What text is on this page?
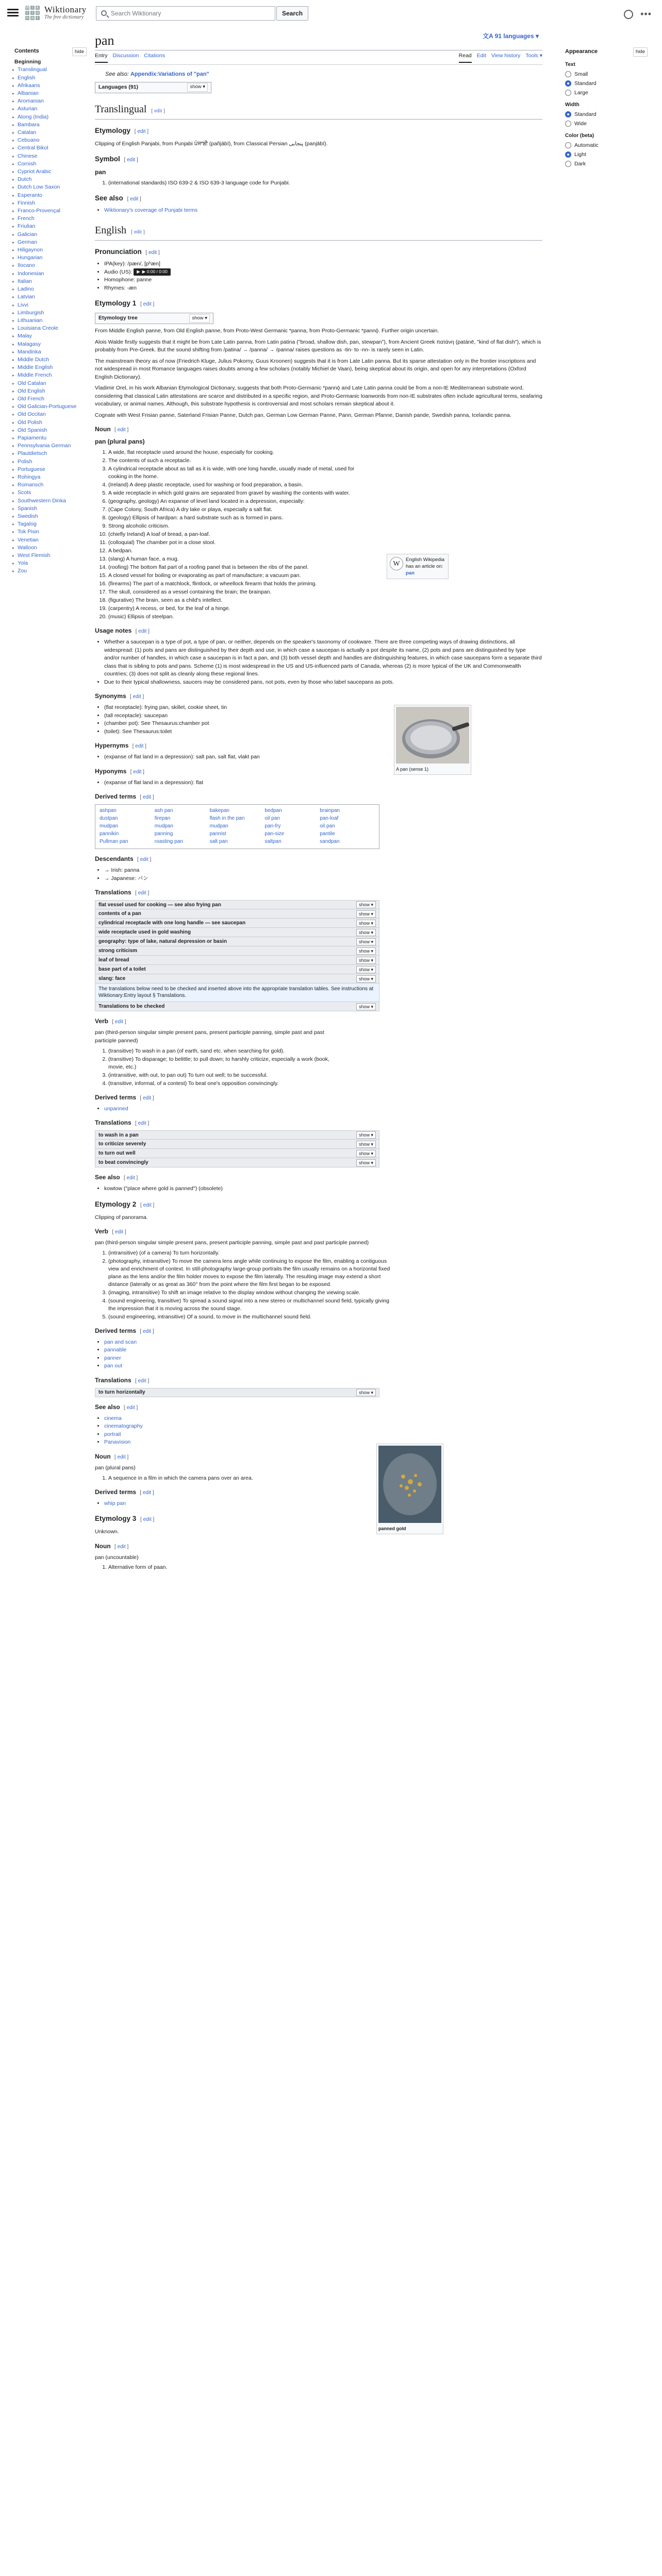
W i k
t	i o
n a r
Wiktionary
The free dictionary
Search Wiktionary	Search	•••
Contents	hide
Beginning
▸ Translingual
▸ English
▸ Afrikaans
▸ Albanian
▸ Aromanian
▸ Asturian
▸ Atong (India)
▸ Bambara
▸ Catalan
▸ Cebuano
▸ Central Bikol
▸ Chinese
▸ Cornish
▸ Cypriot Arabic
▸ Dutch
▸ Dutch Low Saxon
▸ Esperanto
▸ Finnish
▸ Franco-Provençal
▸ French
▸ Friulian
▸ Galician
▸ German
▸ Hiligaynon
▸ Hungarian
▸ Ilocano
▸ Indonesian
▸ Italian
▸ Ladino
▸ Latvian
▸ Livvi
▸ Limburgish
▸ Lithuanian
▸ Louisiana Creole
▸ Malay
▸ Malagasy
▸ Mandinka
▸ Middle Dutch
▸ Middle English
▸ Middle French
▸ Old Catalan
▸ Old English
▸ Old French
▸ Old Galician-Portuguese
▸ Old Occitan
▸ Old Polish
▸ Old Spanish
▸ Papiamentu
▸ Pennsylvania German
▸ Plautdietsch
▸ Polish
▸ Portuguese
▸ Rohingya
▸ Romansch
▸ Scots
▸ Southwestern Dinka
▸ Spanish
▸ Swedish
▸ Tagalog
▸ Tok Pisin
▸ Venetian
▸ Walloon
▸ West Flemish
▸ Yola
▸ Zou
pan	文A 91 languages ▾
Entry Discussion Citations	Read Edit View history Tools ▾
See also: Appendix:Variations of "pan"
Languages (91)	show ▾
Translingual [ edit ]
Etymology [ edit ]

Clipping of English Panjabi, from Punjabi ਪੰਜਾਬੀ (pañjābī), from Classical Persian پنجابی (panjābī).

Symbol [ edit ]
pan
1. (international standards) ISO 639-2 & ISO 639-3 language code for Punjabi.
See also [ edit ]
• Wiktionary's coverage of Punjabi terms
English [ edit ]
Pronunciation [ edit ]
• IPA(key): /pæn/, [pʰæn]
• Audio (US): ▶ ▶ 0:00 / 0:00
• Homophone: panne
• Rhymes: -æn
Etymology 1 [ edit ]
Etymology tree	show ▾

From Middle English panne, from Old English panne, from Proto-West Germanic *panna, from Proto-Germanic *pannǭ. Further origin uncertain.

Alois Walde firstly suggests that it might be from Late Latin panna, from Latin patina ("broad, shallow dish, pan, stewpan"), from Ancient Greek πατάνη (patánē, "kind of flat dish"), which is probably from Pre-Greek. But the sound shifting from /patina/ → /panna/ → /panna/ raises questions as -tin- to -nn- is rarely seen in Latin.

The mainstream theory as of now (Friedrich Kluge, Julius Pokorny, Guus Kroonen) suggests that it is from Late Latin panna. But its sparse attestation only in the frontier inscriptions and not widespread in most Romance languages raises doubts among a few scholars (notably Michiel de Vaan), being skeptical about its origin, and open for any interpretations (Oxford English Dictionary).

Vladimir Orel, in his work Albanian Etymological Dictionary, suggests that both Proto-Germanic *pannǭ and Late Latin panna could be from a non-IE Mediterranean substrate word, considering that classical Latin attestations are scarce and distributed in a specific region, and Proto-Germanic loanwords from non-IE substrates often include agricultural terms, seafaring vocabulary, or animal names. Although, this substrate hypothesis is controversial and most scholars remain skeptical about it.

Cognate with West Frisian panne, Saterland Frisian Panne, Dutch pan, German Low German Panne, Pann, German Pfanne, Danish pande, Swedish panna, Icelandic panna.

Noun [ edit ]
pan (plural pans)
1. A wide, flat receptacle used around the house, especially for cooking.
2. The contents of such a receptacle.
3. A cylindrical receptacle about as tall as it is wide, with one long handle, usually made of metal, used for cooking in the home.
4. (Ireland) A deep plastic receptacle, used for washing or food preparation, a basin.
5. A wide receptacle in which gold grains are separated from gravel by washing the contents with water.
6. (geography, geology) An expanse of level land located in a depression, especially:
7. (Cape Colony, South Africa) A dry lake or playa, especially a salt flat.
8. (geology) Ellipsis of hardpan: a hard substrate such as is formed in pans.
9. Strong alcoholic criticism.
10. (chiefly Ireland) A loaf of bread, a pan-loaf.
11. (colloquial) The chamber pot in a close stool.
12. A bedpan.
13. (slang) A human face, a mug.
14. (roofing) The bottom flat part of a roofing panel that is between the ribs of the panel.
15. A closed vessel for boiling or evaporating as part of manufacture; a vacuum pan.
16. (firearms) The part of a matchlock, flintlock, or wheellock firearm that holds the priming.
17. The skull, considered as a vessel containing the brain; the brainpan.
18. (figurative) The brain, seen as a child's intellect.
19. (carpentry) A recess, or bed, for the leaf of a hinge.
20. (music) Ellipsis of steelpan.
Usage notes [ edit ]
• Whether a saucepan is a type of pot, a type of pan, or neither, depends on the speaker's taxonomy of cookware. There are three competing ways of drawing distinctions, all widespread: (1) pots and pans are distinguished by their depth and use, in which case a saucepan is actually a pot despite its name, (2) pots and pans are distinguished by type and/or number of handles, in which case a saucepan is in fact a pan, and (3) both vessel depth and handles are distinguishing features, in which case saucepans form a separate third class that is sibling to pots and pans. Scheme (1) is most widespread in the US and US-influenced parts of Canada, whereas (2) is more typical of the UK and Commonwealth countries; (3) does not split as cleanly along these regional lines.
• Due to their typical shallowness, saucers may be considered pans, not pots, even by those who label saucepans as pots.
Synonyms [ edit ]
• (flat receptacle): frying pan, skillet, cookie sheet, tin
• (tall receptacle): saucepan
• (chamber pot): See Thesaurus:chamber pot
• (toilet): See Thesaurus:toilet
Hypernyms [ edit ]
• (expanse of flat land in a depression): salt pan, salt flat, vlakt pan
Hyponyms [ edit ]
• (expanse of flat land in a depression): flat
Derived terms [ edit ]
ashpan	ash pan	bakepan	bedpan	brainpan
dustpan	firepan	flash in the pan	oil pan	pan-loaf
mudpan	mudpan	mudpan	pan-fry	oil pan
pannikin	panning	pannist	pan-size	pantile
Pullman pan	roasting pan	salt pan	saltpan	sandpan
Descendants [ edit ]
• → Irish: panna
• → Japanese: パン
Translations [ edit ]
flat vessel used for cooking — see also frying pan	show ▾
contents of a pan	show ▾
cylindrical receptacle with one long handle — see saucepan	show ▾
wide receptacle used in gold washing	show ▾
geography: type of lake, natural depression or basin	show ▾
strong criticism	show ▾
leaf of bread	show ▾
base part of a toilet	show ▾
slang: face	show ▾
The translations below need to be checked and inserted above into the appropriate translation tables. See instructions at Wiktionary:Entry layout § Translations.
Translations to be checked	show ▾
Verb [ edit ]
pan (third-person singular simple present pans, present participle panning, simple past and past participle panned)
1. (transitive) To wash in a pan (of earth, sand etc. when searching for gold).
2. (transitive) To disparage; to belittle; to pull down; to harshly criticize, especially a work (book, movie, etc.)
3. (intransitive, with out, to pan out) To turn out well; to be successful.
4. (transitive, informal, of a contest) To beat one's opposition convincingly.
Derived terms [ edit ]
• unpanned
Translations [ edit ]
to wash in a pan	show ▾
to criticize severely	show ▾
to turn out well	show ▾
to beat convincingly	show ▾
See also [ edit ]
• kowtow ("place where gold is panned") (obsolete)
Etymology 2 [ edit ]

Clipping of panorama.

Verb [ edit ]
pan (third-person singular simple present pans, present participle panning, simple past and past participle panned)
1. (intransitive) (of a camera) To turn horizontally.
2. (photography, intransitive) To move the camera lens angle while continuing to expose the film, enabling a contiguous view and enrichment of context. In still-photography large-group portraits the film usually remains on a horizontal fixed plane as the lens and/or the film holder moves to expose the film laterally. The resulting image may extend a short distance (laterally or as great as 360° from the point where the film first began to be exposed.
3. (imaging, intransitive) To shift an image relative to the display window without changing the viewing scale.
4. (sound engineering, transitive) To spread a sound signal into a new stereo or multichannel sound field, typically giving the impression that it is moving across the sound stage.
5. (sound engineering, intransitive) Of a sound, to move in the multichannel sound field.
Derived terms [ edit ]
• pan and scan
• pannable
• panner
• pan out
Translations [ edit ]
to turn horizontally	show ▾
See also [ edit ]
• cinema
• cinematography
• portrait
• Panavision
Noun [ edit ]
pan (plural pans)
1. A sequence in a film in which the camera pans over an area.
Derived terms [ edit ]
• whip pan
Etymology 3 [ edit ]

Unknown.

Noun [ edit ]
pan (uncountable)
1. Alternative form of paan.
W
English Wikipedia has an article on:
pan
A pan (sense 1)
panned gold
Appearance	hide
Text
Small
Standard
Large
Width
Standard
Wide
Color (beta)
Automatic
Light
Dark
